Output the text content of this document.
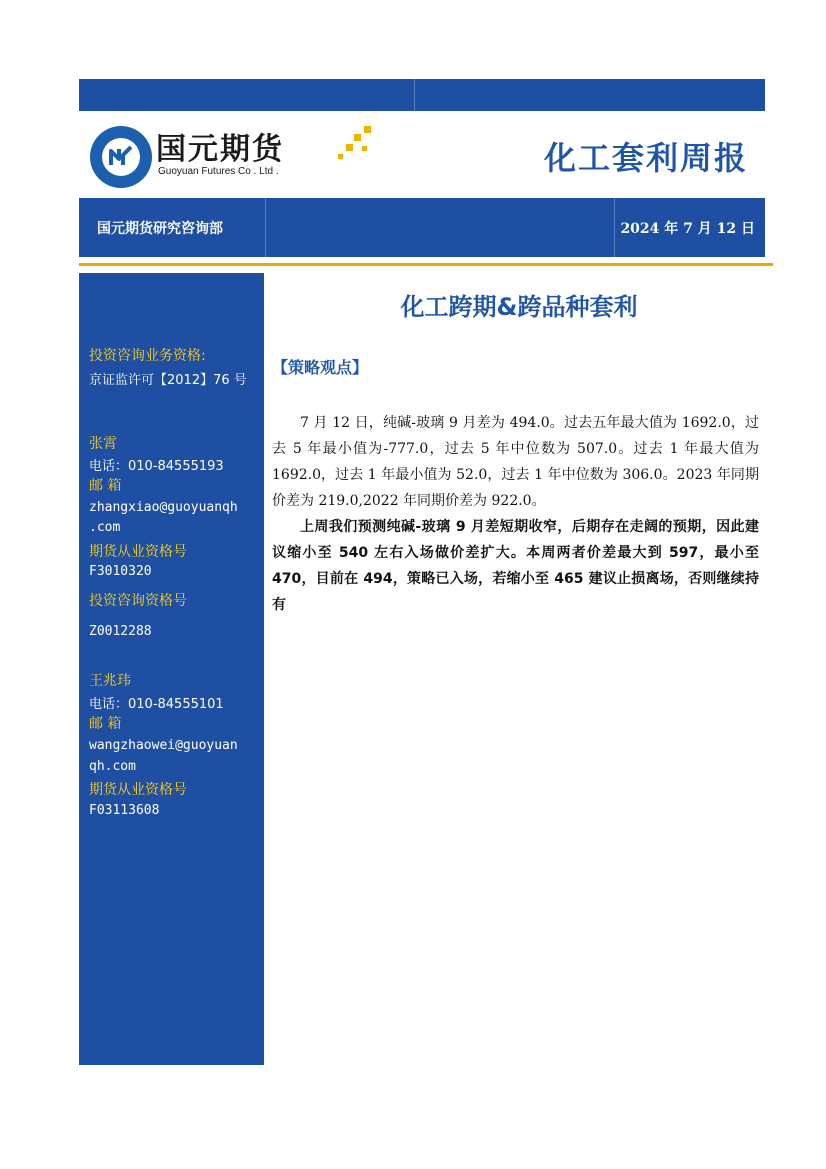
国元期货
Guoyuan Futures Co . Ltd .	化工套利周报
国元期货研究咨询部	2024 年 7 月 12 日
投资咨询业务资格:
京证监许可【2012】76 号
张霄
电话：010-84555193
邮 箱
zhangxiao@guoyuanqh
.com
期货从业资格号
F3010320
投资咨询资格号
Z0012288
王兆玮
电话：010-84555101
邮 箱
wangzhaowei@guoyuan
qh.com
期货从业资格号
F03113608
化工跨期&跨品种套利
【策略观点】
7 月 12 日，纯碱-玻璃 9 月差为 494.0。过去五年最大值为 1692.0，过去 5 年最小值为-777.0，过去 5 年中位数为 507.0。过去 1 年最大值为 1692.0，过去 1 年最小值为 52.0，过去 1 年中位数为 306.0。2023 年同期价差为 219.0,2022 年同期价差为 922.0。
上周我们预测纯碱-玻璃 9 月差短期收窄，后期存在走阔的预期，因此建议缩小至 540 左右入场做价差扩大。本周两者价差最大到 597，最小至 470，目前在 494，策略已入场，若缩小至 465 建议止损离场，否则继续持有
